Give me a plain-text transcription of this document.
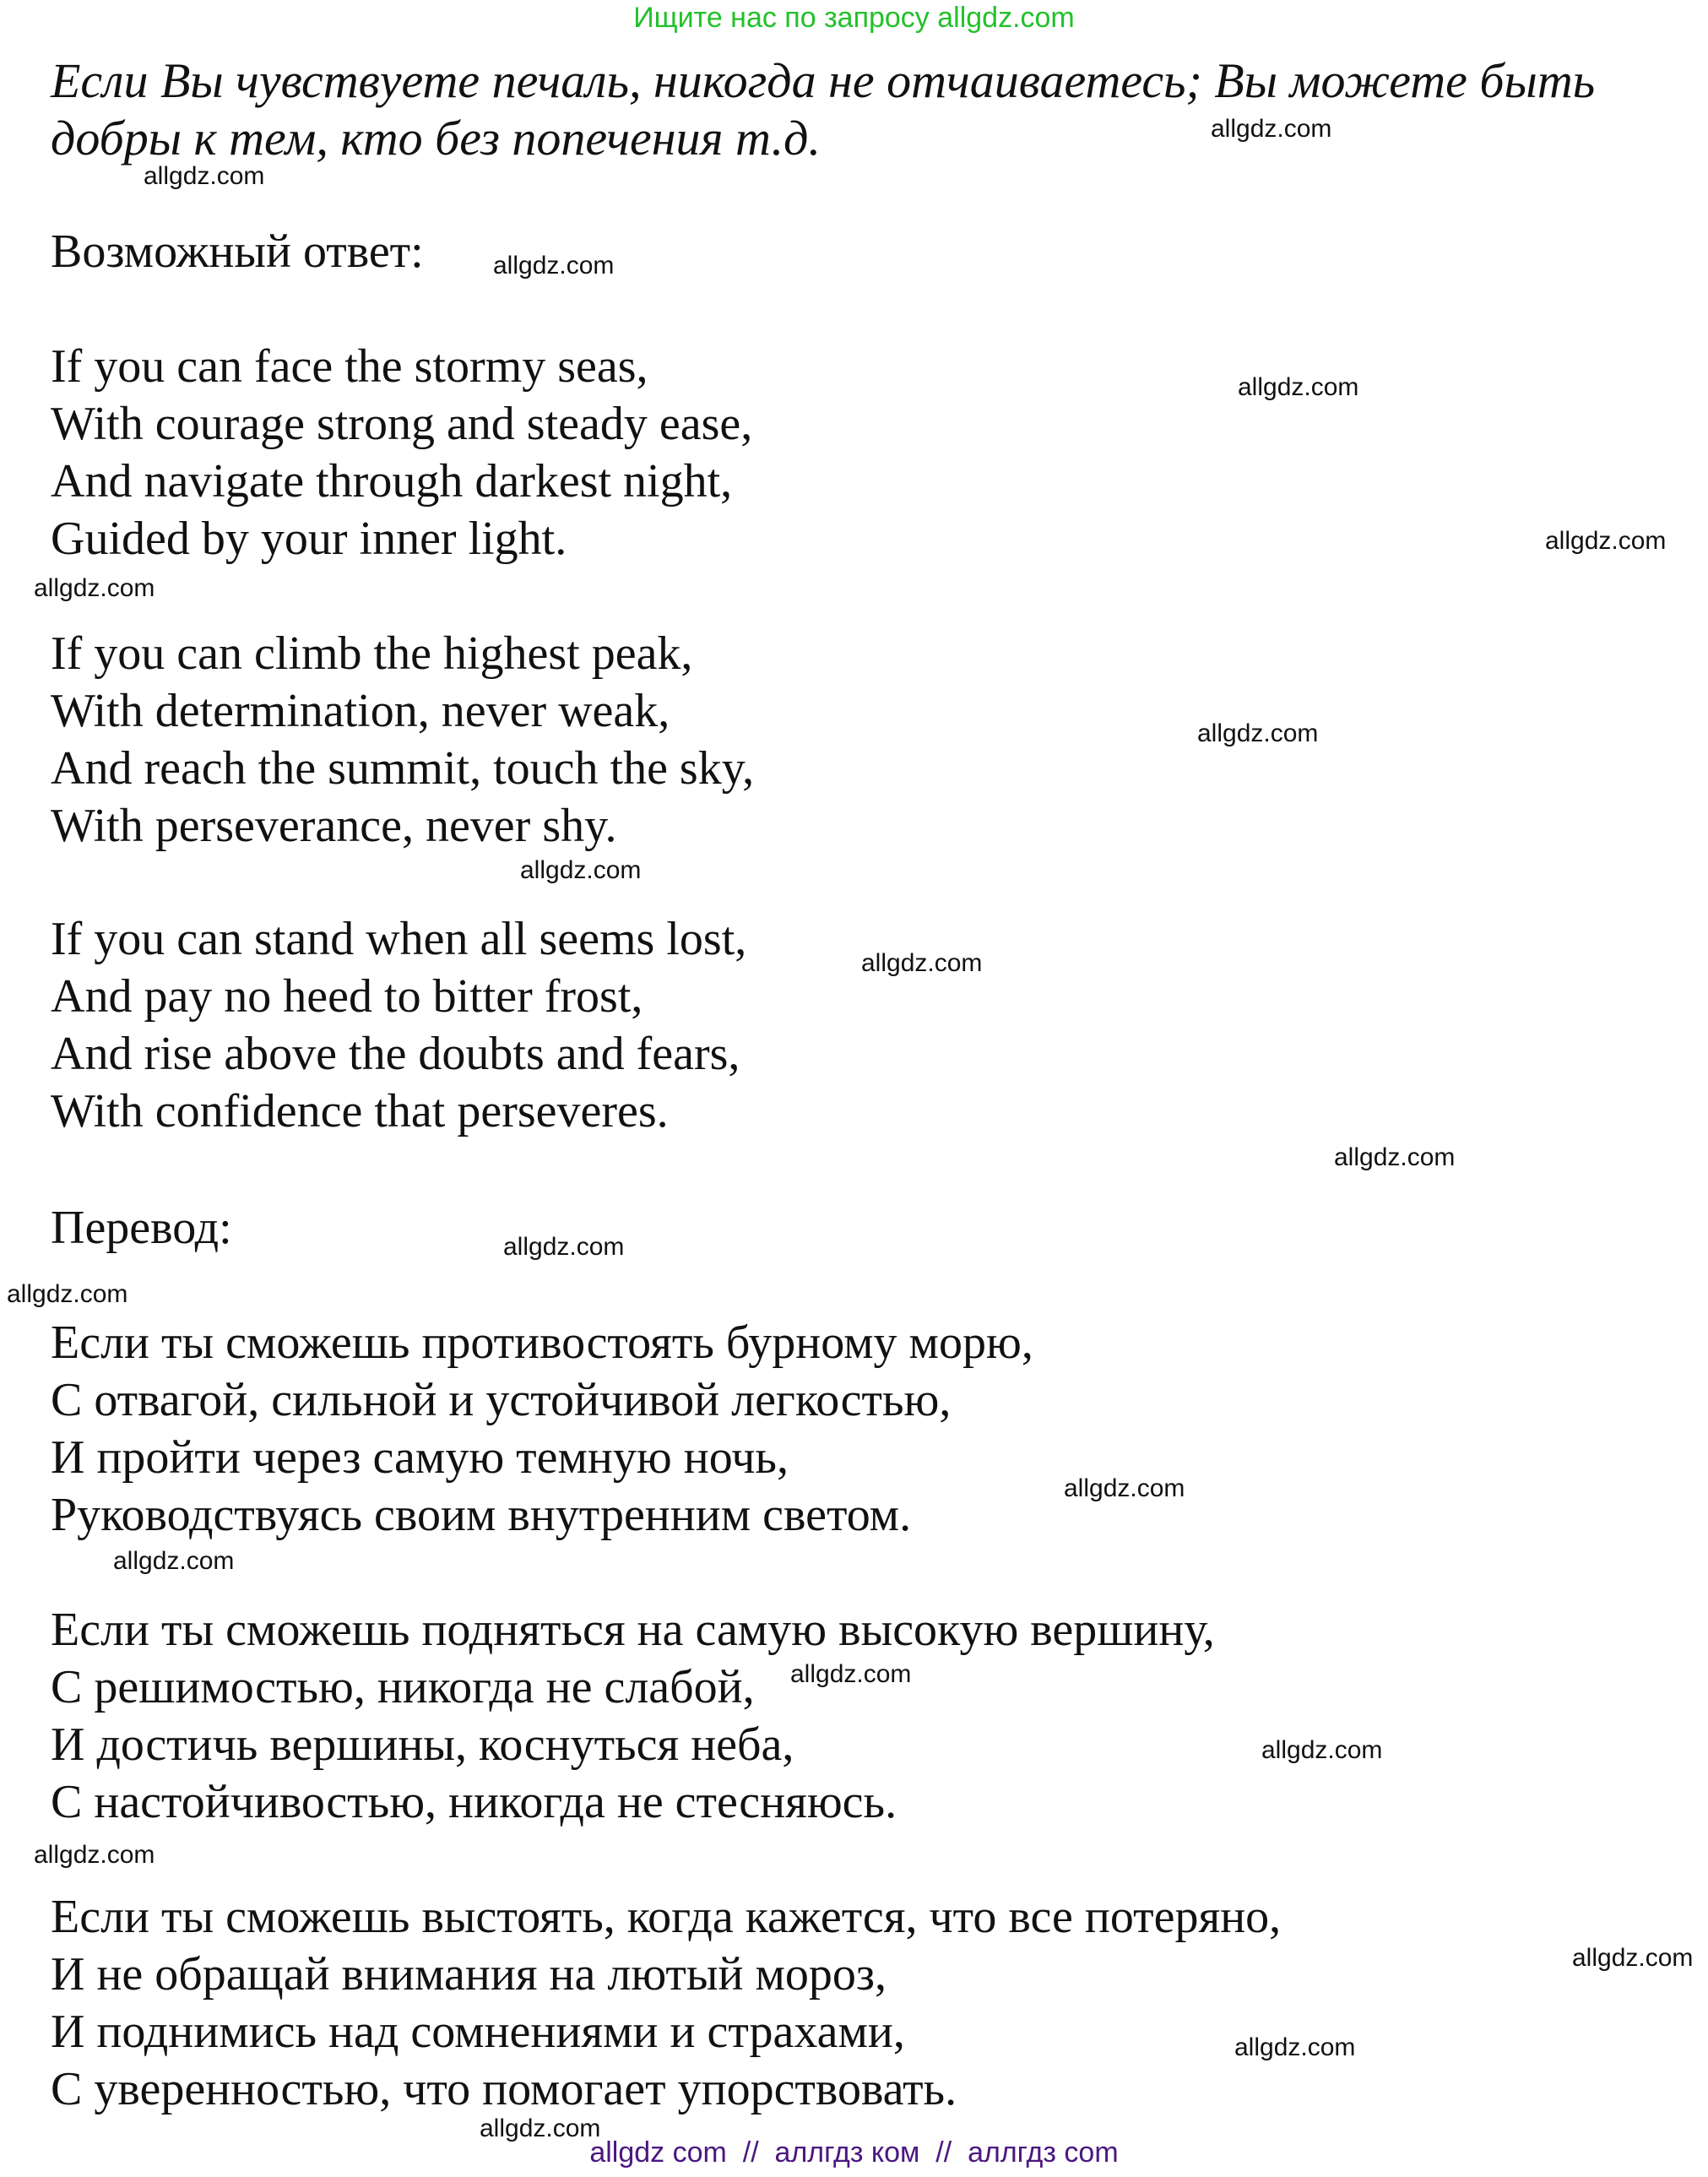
Ищите нас по запросу allgdz.com
Если Вы чувствуете печаль, никогда не отчаиваетесь; Вы можете быть
добры к тем, кто без попечения т.д.
Возможный ответ:
If you can face the stormy seas,
With courage strong and steady ease,
And navigate through darkest night,
Guided by your inner light.
If you can climb the highest peak,
With determination, never weak,
And reach the summit, touch the sky,
With perseverance, never shy.
If you can stand when all seems lost,
And pay no heed to bitter frost,
And rise above the doubts and fears,
With confidence that perseveres.
Перевод:
Если ты сможешь противостоять бурному морю,
С отвагой, сильной и устойчивой легкостью,
И пройти через самую темную ночь,
Руководствуясь своим внутренним светом.
Если ты сможешь подняться на самую высокую вершину,
С решимостью, никогда не слабой,
И достичь вершины, коснуться неба,
С настойчивостью, никогда не стесняюсь.
Если ты сможешь выстоять, когда кажется, что все потеряно,
И не обращай внимания на лютый мороз,
И поднимись над сомнениями и страхами,
С уверенностью, что помогает упорствовать.
allgdz.com
allgdz.com
allgdz.com
allgdz.com
allgdz.com
allgdz.com
allgdz.com
allgdz.com
allgdz.com
allgdz.com
allgdz.com
allgdz.com
allgdz.com
allgdz.com
allgdz.com
allgdz.com
allgdz.com
allgdz.com
allgdz.com
allgdz.com
allgdz com  //  аллгдз ком  //  аллгдз com
